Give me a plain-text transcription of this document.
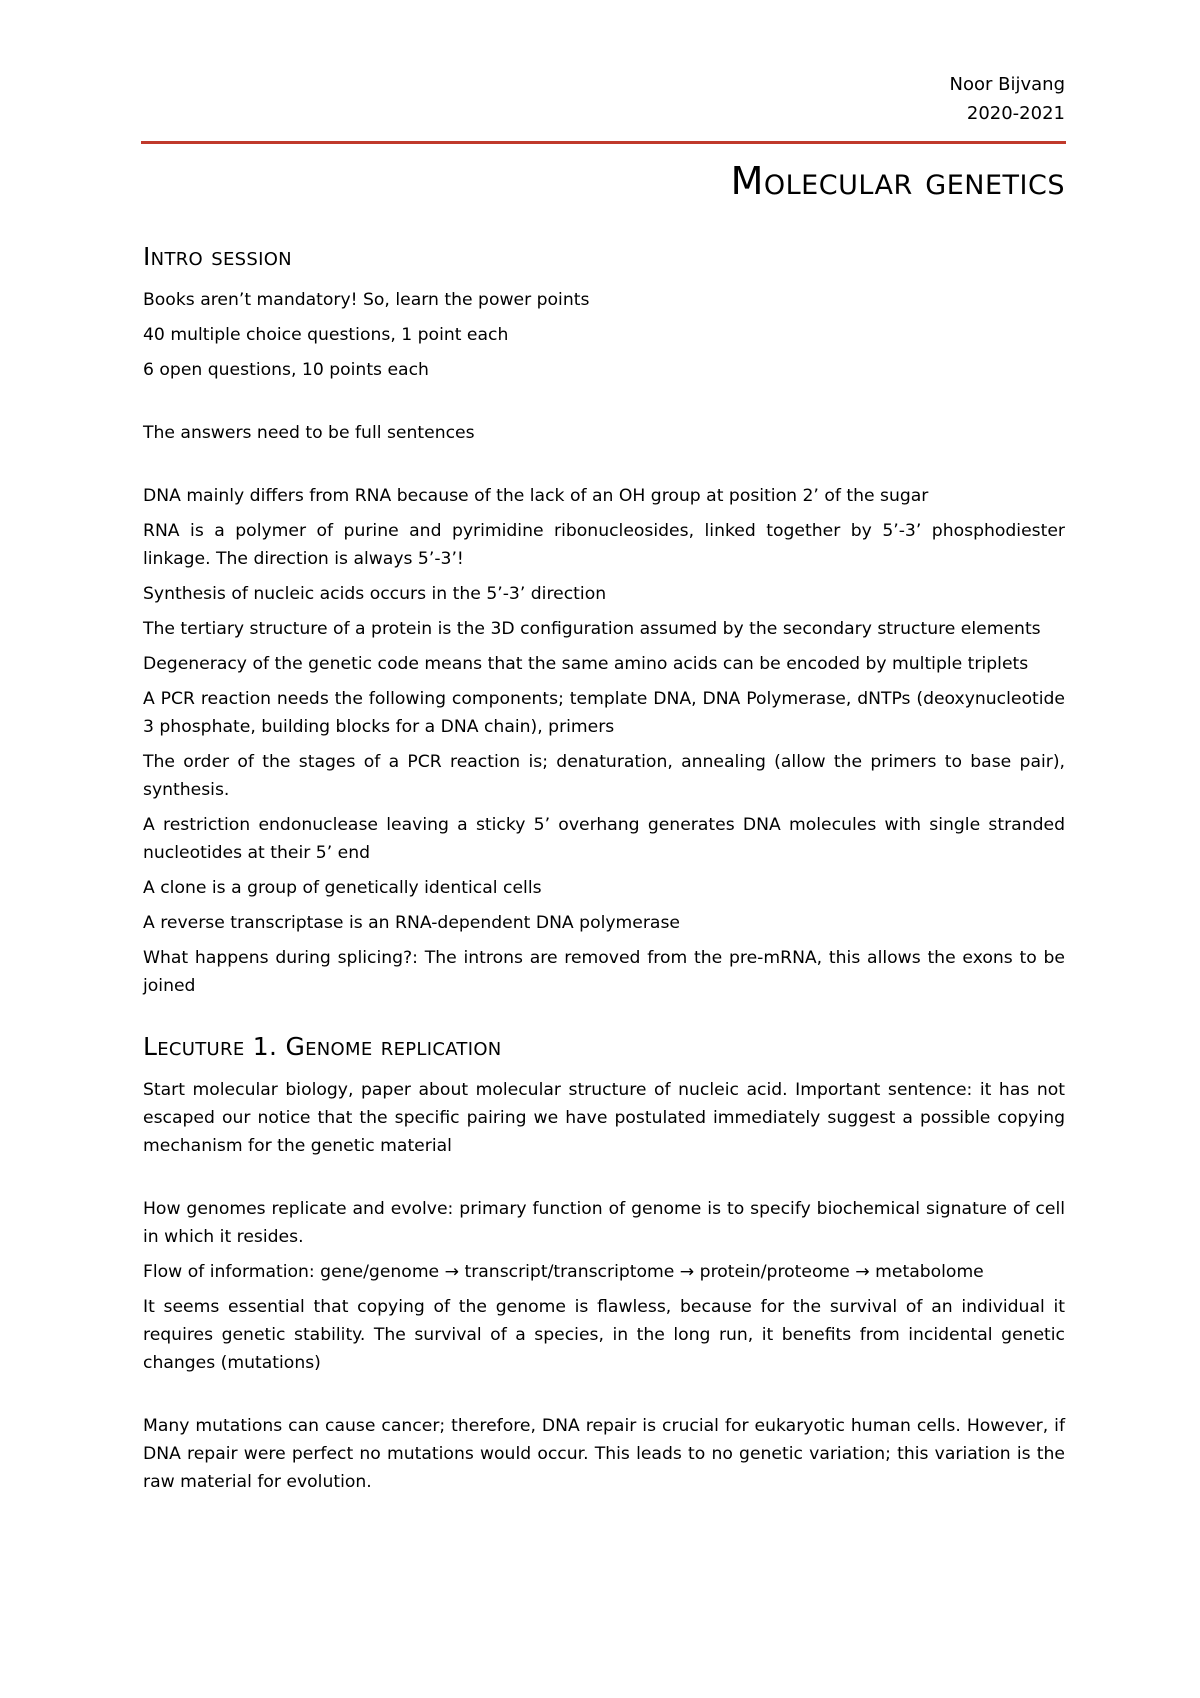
Noor Bijvang
2020-2021
Molecular genetics
Intro session

Books aren’t mandatory! So, learn the power points

40 multiple choice questions, 1 point each

6 open questions, 10 points each

The answers need to be full sentences

DNA mainly differs from RNA because of the lack of an OH group at position 2’ of the sugar

RNA is a polymer of purine and pyrimidine ribonucleosides, linked together by 5’-3’ phosphodiester linkage. The direction is always 5’-3’!

Synthesis of nucleic acids occurs in the 5’-3’ direction

The tertiary structure of a protein is the 3D configuration assumed by the secondary structure elements

Degeneracy of the genetic code means that the same amino acids can be encoded by multiple triplets

A PCR reaction needs the following components; template DNA, DNA Polymerase, dNTPs (deoxynucleotide 3 phosphate, building blocks for a DNA chain), primers

The order of the stages of a PCR reaction is; denaturation, annealing (allow the primers to base pair), synthesis.

A restriction endonuclease leaving a sticky 5’ overhang generates DNA molecules with single stranded nucleotides at their 5’ end

A clone is a group of genetically identical cells

A reverse transcriptase is an RNA-dependent DNA polymerase

What happens during splicing?: The introns are removed from the pre-mRNA, this allows the exons to be joined

Lecuture 1. Genome replication

Start molecular biology, paper about molecular structure of nucleic acid. Important sentence: it has not escaped our notice that the specific pairing we have postulated immediately suggest a possible copying mechanism for the genetic material

How genomes replicate and evolve: primary function of genome is to specify biochemical signature of cell in which it resides.

Flow of information: gene/genome → transcript/transcriptome → protein/proteome → metabolome

It seems essential that copying of the genome is flawless, because for the survival of an individual it requires genetic stability. The survival of a species, in the long run, it benefits from incidental genetic changes (mutations)

Many mutations can cause cancer; therefore, DNA repair is crucial for eukaryotic human cells. However, if DNA repair were perfect no mutations would occur. This leads to no genetic variation; this variation is the raw material for evolution.
